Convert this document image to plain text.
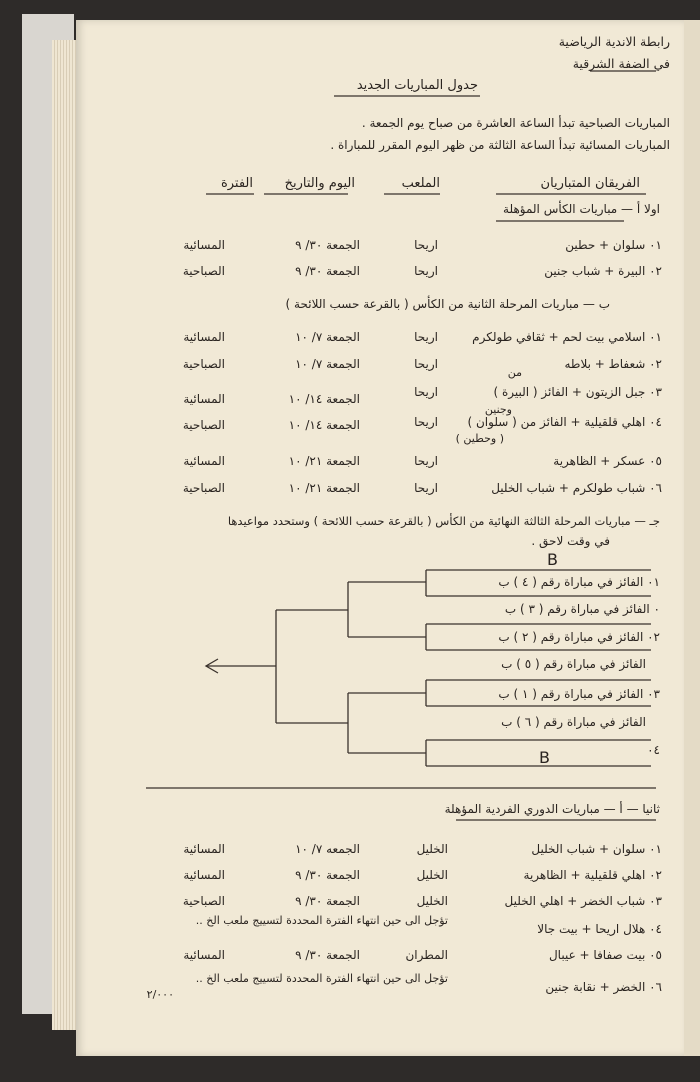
رابطة الاندية الرياضية
في الضفة الشرقية
جدول المباريات الجديد
المباريات الصباحية تبدأ الساعة العاشرة من صباح يوم الجمعة .
المباريات المسائية تبدأ الساعة الثالثة من ظهر اليوم المقرر للمباراة .
الفريقان المتباريان
الملعب
اليوم والتاريخ
الفترة
اولا أ — مباريات الكأس المؤهلة
٠١ سلوان + حطين
اريحا
الجمعة ٣٠/ ٩
المسائية
٠٢ البيرة + شباب جنين
اريحا
الجمعة ٣٠/ ٩
الصباحية
ب — مباريات المرحلة الثانية من الكأس ( بالقرعة حسب اللائحة )
٠١ اسلامي بيت لحم + ثقافي طولكرم
اريحا
الجمعة ٧/ ١٠
المسائية
٠٢ شعفاط + بلاطه
اريحا
الجمعة ٧/ ١٠
الصباحية
من
٠٣ جبل الزيتون + الفائز ( البيرة )
اريحا
الجمعة ١٤/ ١٠
المسائية
وجنين
٠٤ اهلي قلقيلية + الفائز من ( سلوان )
اريحا
الجمعة ١٤/ ١٠
الصباحية
( وحطين )
٠٥ عسكر + الظاهرية
اريحا
الجمعة ٢١/ ١٠
المسائية
٠٦ شباب طولكرم + شباب الخليل
اريحا
الجمعة ٢١/ ١٠
الصباحية
جـ — مباريات المرحلة الثالثة النهائية من الكأس ( بالقرعة حسب اللائحة ) وستحدد مواعيدها
في وقت لاحق .
B
٠١ الفائز في مباراة رقم ( ٤ ) ب
٠ الفائز في مباراة رقم ( ٣ ) ب
٠٢ الفائز في مباراة رقم ( ٢ ) ب
الفائز في مباراة رقم ( ٥ ) ب
٠٣ الفائز في مباراة رقم ( ١ ) ب
الفائز في مباراة رقم ( ٦ ) ب
٠٤
B
ثانيا — أ — مباريات الدوري الفردية المؤهلة
٠١ سلوان + شباب الخليل
الخليل
الجمعه ٧/ ١٠
المسائية
٠٢ اهلي قلقيلية + الظاهرية
الخليل
الجمعة ٣٠/ ٩
المسائية
٠٣ شباب الخضر + اهلي الخليل
الخليل
الجمعة ٣٠/ ٩
الصباحية
٠٤ هلال اريحا + بيت جالا
تؤجل الى حين انتهاء الفترة المحددة لتسييج ملعب الخ ..
٠٥ بيت صفافا + عيبال
المطران
الجمعة ٣٠/ ٩
المسائية
٠٦ الخضر + نقابة جنين
تؤجل الى حين انتهاء الفترة المحددة لتسييج ملعب الخ ..
٢/٠٠٠
